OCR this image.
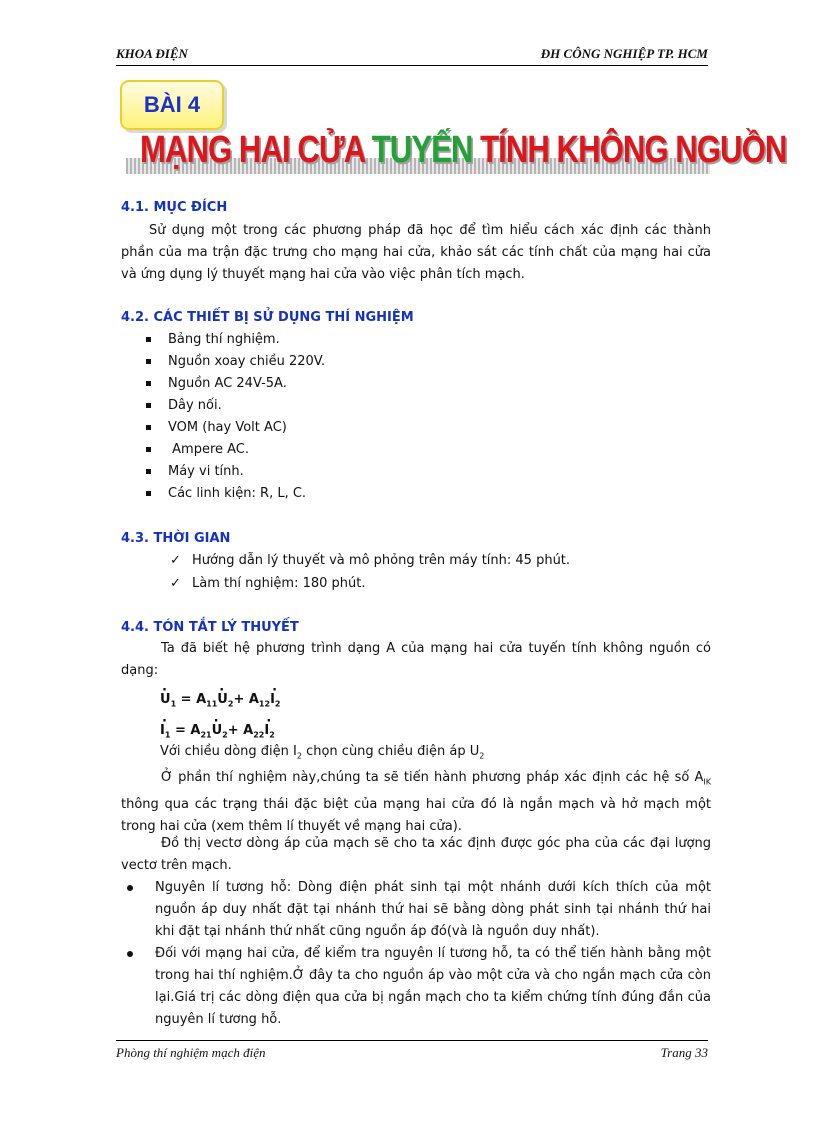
KHOA ĐIỆN	ĐH CÔNG NGHIỆP TP. HCM
BÀI 4
MẠNG HAI CỬA TUYẾN TÍNH KHÔNG NGUỒN
4.1. MỤC ĐÍCH

Sử dụng một trong các phương pháp đã học để tìm hiểu cách xác định các thành phần của ma trận đặc trưng cho mạng hai cửa, khảo sát các tính chất của mạng hai cửa và ứng dụng lý thuyết mạng hai cửa vào việc phân tích mạch.

4.2. CÁC THIẾT BỊ SỬ DỤNG THÍ NGHIỆM
Bảng thí nghiệm.
Nguồn xoay chiều 220V.
Nguồn AC 24V-5A.
Dây nối.
VOM (hay Volt AC)
Ampere AC.
Máy vi tính.
Các linh kiện: R, L, C.
4.3. THỜI GIAN
✓ Hướng dẫn lý thuyết và mô phỏng trên máy tính: 45 phút.
✓ Làm thí nghiệm: 180 phút.
4.4. TÓN TẮT LÝ THUYẾT

Ta đã biết hệ phương trình dạng A của mạng hai cửa tuyến tính không nguồn có dạng:

· $U_1 = A_{11}\cdot U_2+ A_{12}\cdot I_2$
· $I_1 = A_{21}\cdot U_2+ A_{22}\cdot I_2$
Với chiều dòng điện $I_2$ chọn cùng chiều điện áp $U_2$

Ở phần thí nghiệm này,chúng ta sẽ tiến hành phương pháp xác định các hệ số $A_{IK}$ thông qua các trạng thái đặc biệt của mạng hai cửa đó là ngắn mạch và hở mạch một trong hai cửa (xem thêm lí thuyết về mạng hai cửa).

Đồ thị vectơ dòng áp của mạch sẽ cho ta xác định được góc pha của các đại lượng vectơ trên mạch.

Nguyên lí tương hỗ: Dòng điện phát sinh tại một nhánh dưới kích thích của một nguồn áp duy nhất đặt tại nhánh thứ hai sẽ bằng dòng phát sinh tại nhánh thứ hai khi đặt tại nhánh thứ nhất cũng nguồn áp đó(và là nguồn duy nhất).
Đối với mạng hai cửa, để kiểm tra nguyên lí tương hỗ, ta có thể tiến hành bằng một trong hai thí nghiệm.Ở đây ta cho nguồn áp vào một cửa và cho ngắn mạch cửa còn lại.Giá trị các dòng điện qua cửa bị ngắn mạch cho ta kiểm chứng tính đúng đắn của nguyên lí tương hỗ.
Phòng thí nghiệm mạch điện	Trang 33
